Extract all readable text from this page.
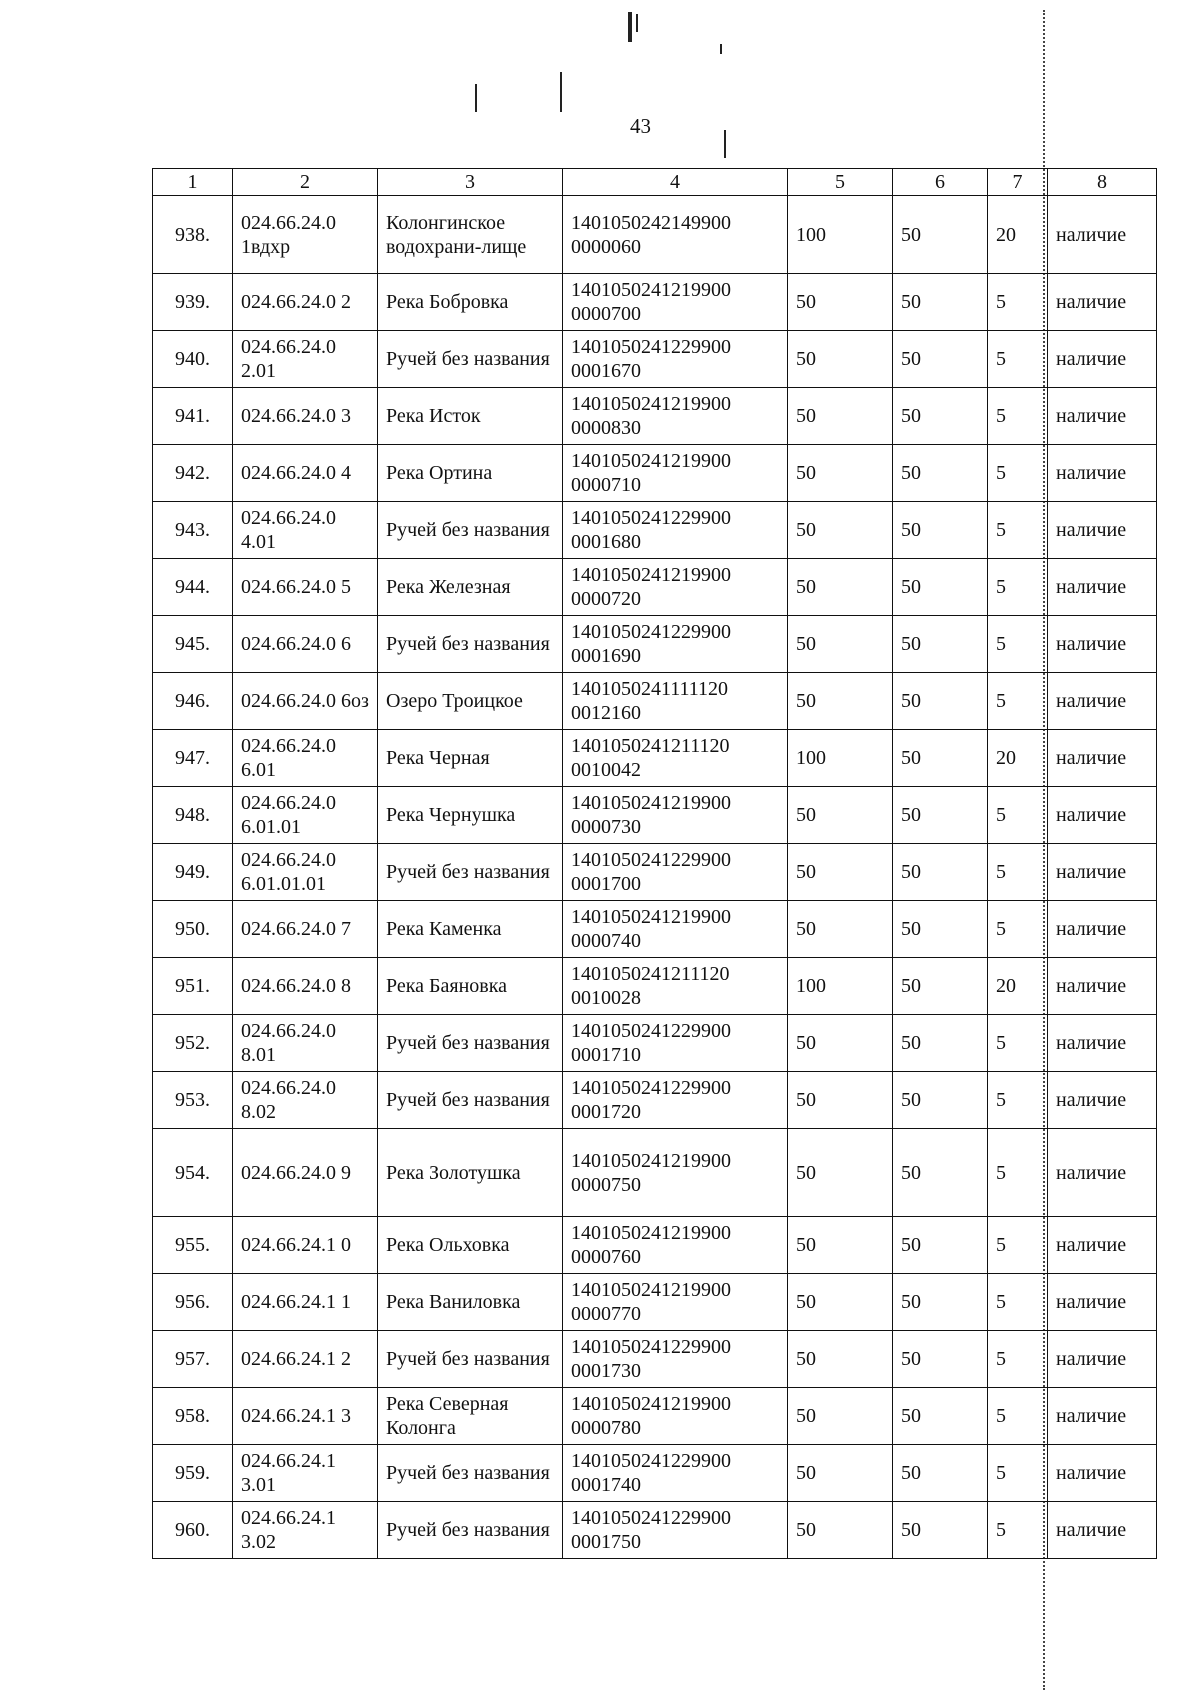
43
1	2	3	4	5	6	7	8
938.	024.66.24.0 1вдхр	Колонгинское водохрани-лище	1401050242149900 0000060	100	50	20	наличие
939.	024.66.24.0 2	Река Бобровка	1401050241219900 0000700	50	50	5	наличие
940.	024.66.24.0 2.01	Ручей без названия	1401050241229900 0001670	50	50	5	наличие
941.	024.66.24.0 3	Река Исток	1401050241219900 0000830	50	50	5	наличие
942.	024.66.24.0 4	Река Ортина	1401050241219900 0000710	50	50	5	наличие
943.	024.66.24.0 4.01	Ручей без названия	1401050241229900 0001680	50	50	5	наличие
944.	024.66.24.0 5	Река Железная	1401050241219900 0000720	50	50	5	наличие
945.	024.66.24.0 6	Ручей без названия	1401050241229900 0001690	50	50	5	наличие
946.	024.66.24.0 6оз	Озеро Троицкое	1401050241111120 0012160	50	50	5	наличие
947.	024.66.24.0 6.01	Река Черная	1401050241211120 0010042	100	50	20	наличие
948.	024.66.24.0 6.01.01	Река Чернушка	1401050241219900 0000730	50	50	5	наличие
949.	024.66.24.0 6.01.01.01	Ручей без названия	1401050241229900 0001700	50	50	5	наличие
950.	024.66.24.0 7	Река Каменка	1401050241219900 0000740	50	50	5	наличие
951.	024.66.24.0 8	Река Баяновка	1401050241211120 0010028	100	50	20	наличие
952.	024.66.24.0 8.01	Ручей без названия	1401050241229900 0001710	50	50	5	наличие
953.	024.66.24.0 8.02	Ручей без названия	1401050241229900 0001720	50	50	5	наличие
954.	024.66.24.0 9	Река Золотушка	1401050241219900 0000750	50	50	5	наличие
955.	024.66.24.1 0	Река Ольховка	1401050241219900 0000760	50	50	5	наличие
956.	024.66.24.1 1	Река Ваниловка	1401050241219900 0000770	50	50	5	наличие
957.	024.66.24.1 2	Ручей без названия	1401050241229900 0001730	50	50	5	наличие
958.	024.66.24.1 3	Река Северная Колонга	1401050241219900 0000780	50	50	5	наличие
959.	024.66.24.1 3.01	Ручей без названия	1401050241229900 0001740	50	50	5	наличие
960.	024.66.24.1 3.02	Ручей без названия	1401050241229900 0001750	50	50	5	наличие
